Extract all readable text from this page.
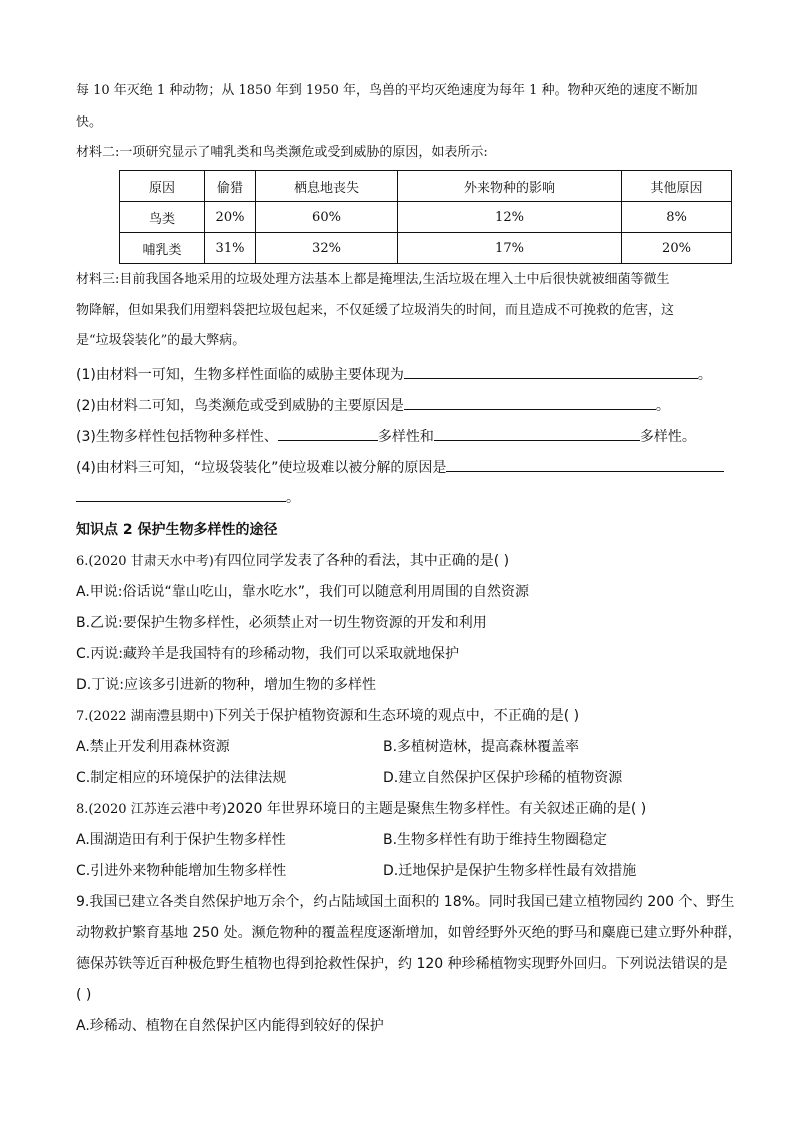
每 10 年灭绝 1 种动物；从 1850 年到 1950 年，鸟兽的平均灭绝速度为每年 1 种。物种灭绝的速度不断加
快。
材料二:一项研究显示了哺乳类和鸟类濒危或受到威胁的原因，如表所示:
原因	偷猎	栖息地丧失	外来物种的影响	其他原因
鸟类	20%	60%	12%	8%
哺乳类	31%	32%	17%	20%
材料三:目前我国各地采用的垃圾处理方法基本上都是掩埋法,生活垃圾在埋入土中后很快就被细菌等微生
物降解，但如果我们用塑料袋把垃圾包起来，不仅延缓了垃圾消失的时间，而且造成不可挽救的危害，这
是“垃圾袋装化”的最大弊病。
(1)由材料一可知，生物多样性面临的威胁主要体现为	。
(2)由材料二可知，鸟类濒危或受到威胁的主要原因是	。
(3)生物多样性包括物种多样性、	多样性和	多样性。
(4)由材料三可知，“垃圾袋装化”使垃圾难以被分解的原因是
。
知识点 2 保护生物多样性的途径
6.(2020 甘肃天水中考)有四位同学发表了各种的看法，其中正确的是( )
A.甲说:俗话说“靠山吃山，靠水吃水”，我们可以随意利用周围的自然资源
B.乙说:要保护生物多样性，必须禁止对一切生物资源的开发和利用
C.丙说:藏羚羊是我国特有的珍稀动物，我们可以采取就地保护
D.丁说:应该多引进新的物种，增加生物的多样性
7.(2022 湖南澧县期中)下列关于保护植物资源和生态环境的观点中，不正确的是( )
A.禁止开发利用森林资源	B.多植树造林，提高森林覆盖率
C.制定相应的环境保护的法律法规	D.建立自然保护区保护珍稀的植物资源
8.(2020 江苏连云港中考)2020 年世界环境日的主题是聚焦生物多样性。有关叙述正确的是( )
A.围湖造田有利于保护生物多样性	B.生物多样性有助于维持生物圈稳定
C.引进外来物种能增加生物多样性	D.迁地保护是保护生物多样性最有效措施
9.我国已建立各类自然保护地万余个，约占陆域国土面积的 18%。同时我国已建立植物园约 200 个、野生
动物救护繁育基地 250 处。濒危物种的覆盖程度逐渐增加，如曾经野外灭绝的野马和麋鹿已建立野外种群，
德保苏铁等近百种极危野生植物也得到抢救性保护，约 120 种珍稀植物实现野外回归。下列说法错误的是
( )
A.珍稀动、植物在自然保护区内能得到较好的保护
